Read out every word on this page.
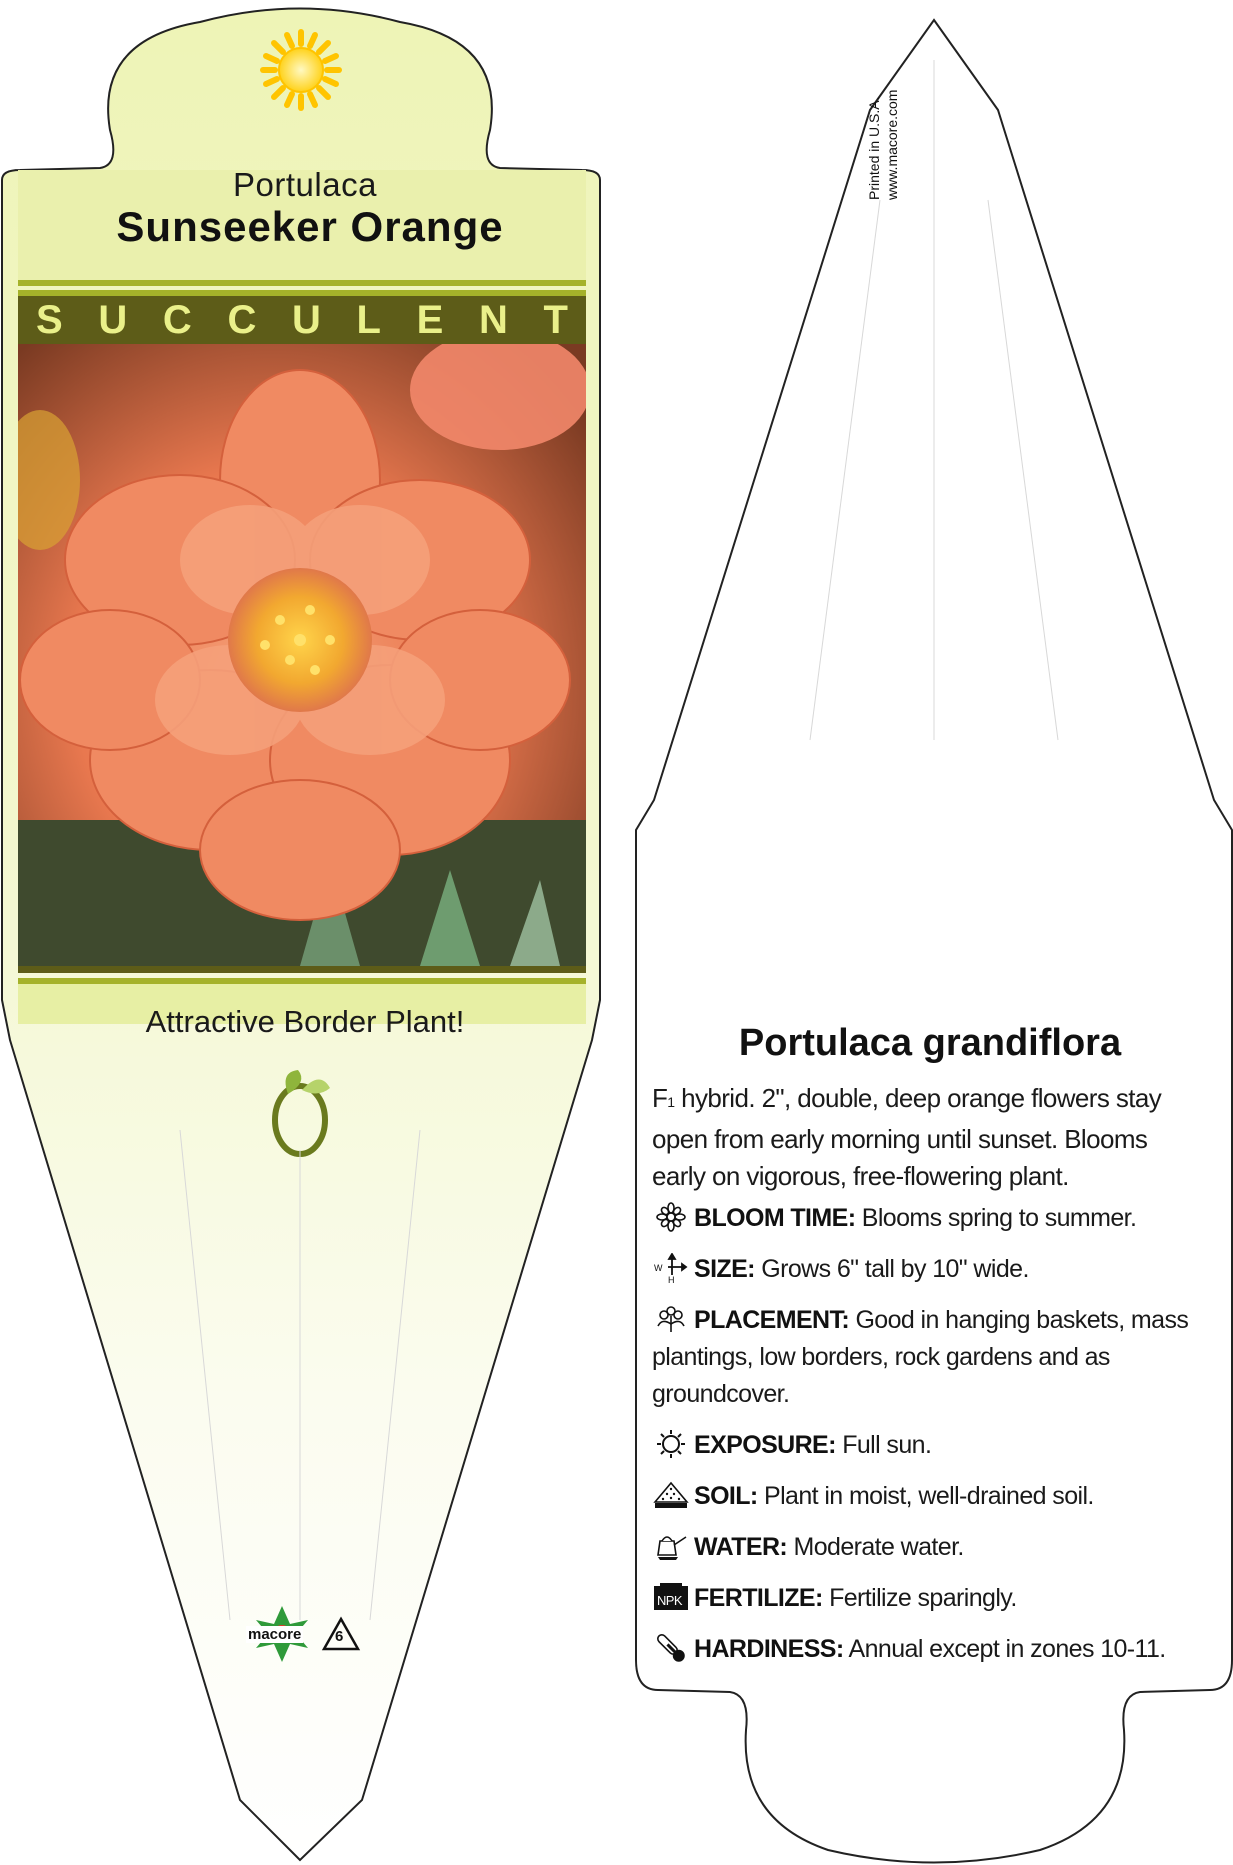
Portulaca
Sunseeker Orange
S U C C U L E N T
Attractive Border Plant!
macore 6
Printed in U.S.A. www.macore.com
Portulaca grandiflora
F1 hybrid. 2", double, deep orange flowers stay open from early morning until sunset. Blooms early on vigorous, free-flowering plant.
BLOOM TIME: Blooms spring to summer.
W
H SIZE: Grows 6" tall by 10" wide.
PLACEMENT: Good in hanging baskets, mass plantings, low borders, rock gardens and as groundcover.
EXPOSURE: Full sun.
SOIL: Plant in moist, well-drained soil.
WATER: Moderate water.
NPK FERTILIZE: Fertilize sparingly.
HARDINESS: Annual except in zones 10-11.
